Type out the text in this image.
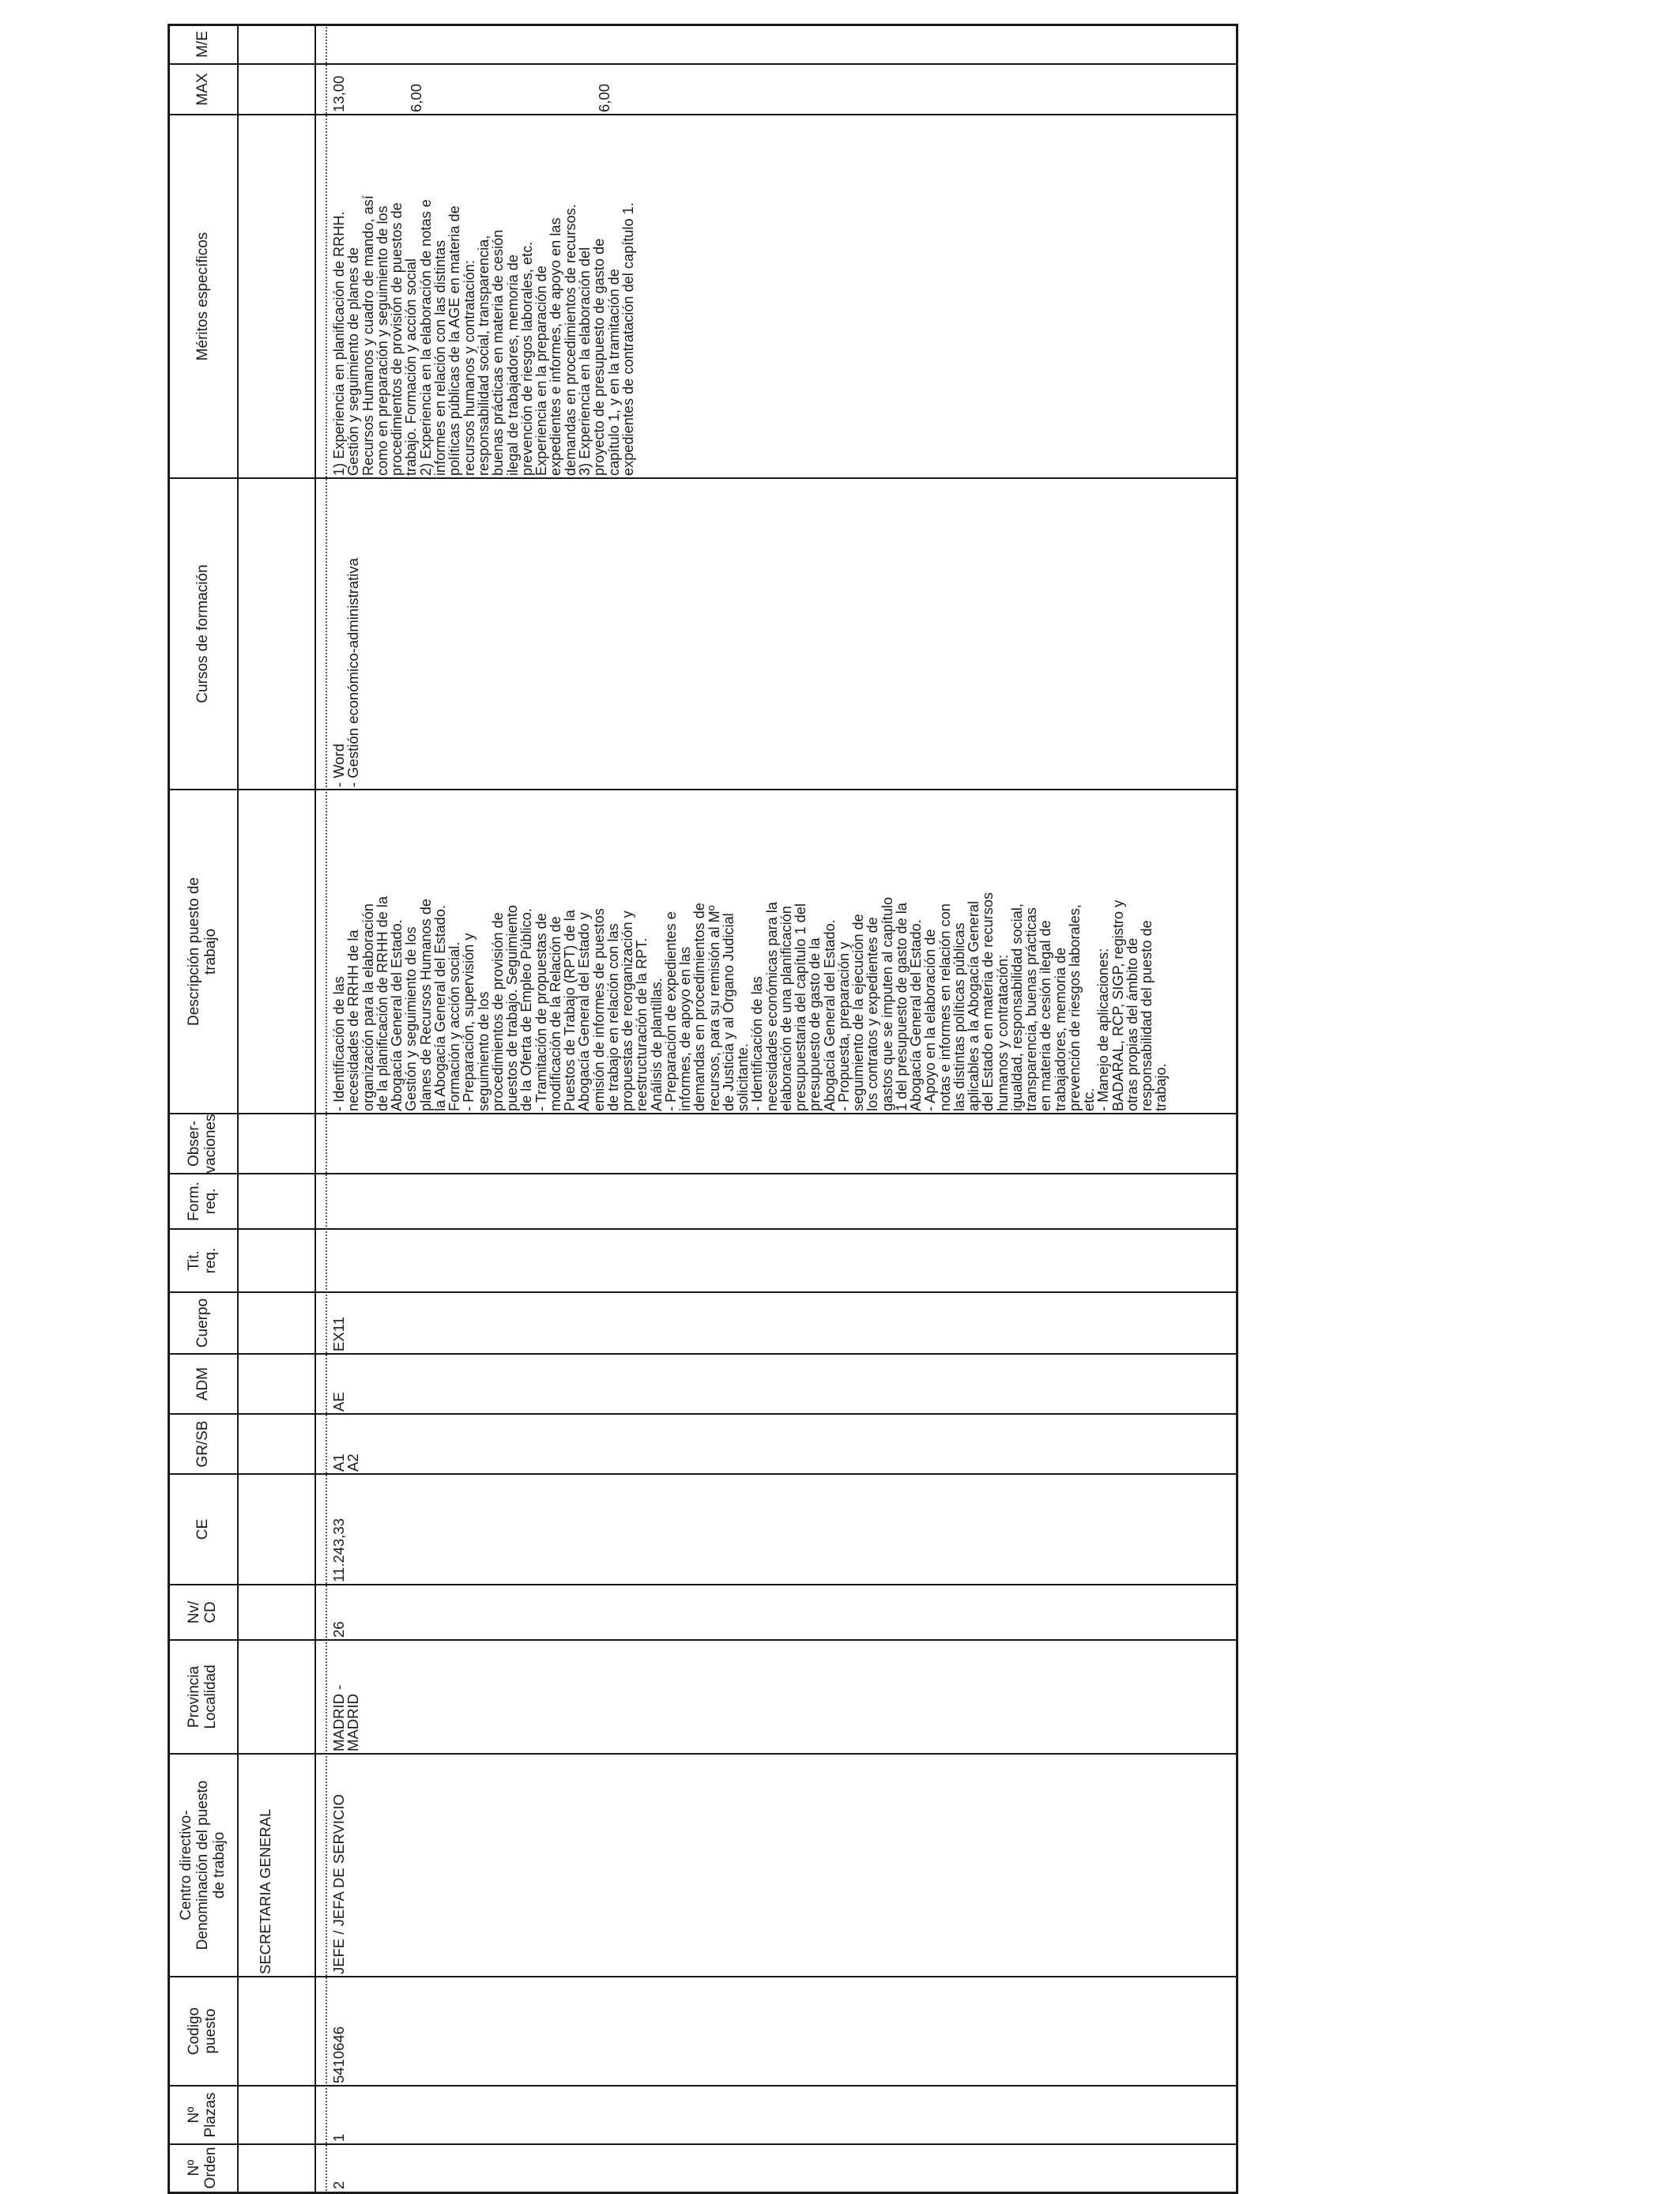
Nº Orden
Nº Plazas
Codigo puesto
Centro directivo- Denominación del puesto de trabajo
Provincia Localidad
Nv/ CD
CE
GR/SB
ADM
Cuerpo
Tit. req.
Form. req.
Obser- vaciones
Descripción puesto de trabajo
Cursos de formación
Méritos específicos
MAX
M/E
SECRETARIA GENERAL
2
1
5410646
JEFE / JEFA DE SERVICIO
MADRID -
MADRID
26
11.243,33
A1
A2
AE
EX11
- Identificación de las
necesidades de RRHH de la
organización para la elaboración
de la planificación de RRHH de la
Abogacía General del Estado.
Gestión y seguimiento de los
planes de Recursos Humanos de
la Abogacía General del Estado.
Formación y acción social.
- Preparación, supervisión y
seguimiento de los
procedimientos de provisión de
puestos de trabajo. Seguimiento
de la Oferta de Empleo Público.
- Tramitación de propuestas de
modificación de la Relación de
Puestos de Trabajo (RPT) de la
Abogacía General del Estado y
emisión de informes de puestos
de trabajo en relación con las
propuestas de reorganización y
reestructuración de la RPT.
Análisis de plantillas.
- Preparación de expedientes e
informes, de apoyo en las
demandas en procedimientos de
recursos, para su remisión al Mº
de Justicia y al Órgano Judicial
solicitante.
- Identificación de las
necesidades económicas para la
elaboración de una planificación
presupuestaria del capítulo 1 del
presupuesto de gasto de la
Abogacía General del Estado.
- Propuesta, preparación y
seguimiento de la ejecución de
los contratos y expedientes de
gastos que se imputen al capítulo
1 del presupuesto de gasto de la
Abogacía General del Estado.
- Apoyo en la elaboración de
notas e informes en relación con
las distintas políticas públicas
aplicables a la Abogacía General
del Estado en materia de recursos
humanos y contratación:
igualdad, responsabilidad social,
transparencia, buenas prácticas
en materia de cesión ilegal de
trabajadores, memoria de
prevención de riesgos laborales,
etc.
- Manejo de aplicaciones:
BADARAL, RCP, SIGP, registro y
otras propias del ámbito de
responsabilidad del puesto de
trabajo.
- Word
- Gestión económico-administrativa
1) Experiencia en planificación de RRHH.
Gestión y seguimiento de planes de
Recursos Humanos y cuadro de mando, así
como en preparación y seguimiento de los
procedimientos de provisión de puestos de
trabajo. Formación y acción social
2) Experiencia en la elaboración de notas e
informes en relación con las distintas
políticas públicas de la AGE en materia de
recursos humanos y contratación:
responsabilidad social, transparencia,
buenas prácticas en materia de cesión
ilegal de trabajadores, memoria de
prevención de riesgos laborales, etc.
Experiencia en la preparación de
expedientes e informes, de apoyo en las
demandas en procedimientos de recursos.
3) Experiencia en la elaboración del
proyecto de presupuesto de gasto de
capítulo 1, y en la tramitación de
expedientes de contratación del capítulo 1.
13,00	6,00	6,00
